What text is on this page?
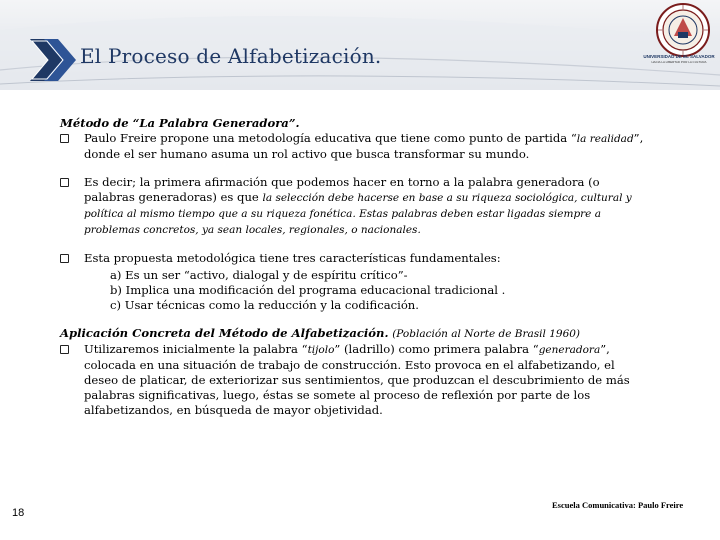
El Proceso de Alfabetización.	UNIVERSIDAD DE EL SALVADOR
HACIA LA LIBERTAD POR LA CULTURA

Método de “La Palabra Generadora”.

Paulo Freire propone una metodología educativa que tiene como punto de partida “la realidad”, donde el ser humano asuma un rol activo que busca transformar su mundo.
Es decir; la primera afirmación que podemos hacer en torno a la palabra generadora (o palabras generadoras) es que la selección debe hacerse en base a su riqueza sociológica, cultural y política al mismo tiempo que a su riqueza fonética. Estas palabras deben estar ligadas siempre a problemas concretos, ya sean locales, regionales, o nacionales.
Esta propuesta metodológica tiene tres características fundamentales:
a) Es un ser “activo, dialogal y de espíritu crítico”-
b) Implica una modificación del programa educacional tradicional .
c) Usar técnicas como la reducción y la codificación.

Aplicación Concreta del Método de Alfabetización. (Población al Norte de Brasil 1960)

Utilizaremos inicialmente la palabra “tijolo” (ladrillo) como primera palabra “generadora”, colocada en una situación de trabajo de construcción. Esto provoca en el alfabetizando, el deseo de platicar, de exteriorizar sus sentimientos, que produzcan el descubrimiento de más palabras significativas, luego, éstas se somete al proceso de reflexión por parte de los alfabetizandos, en búsqueda de mayor objetividad.
18
Escuela Comunicativa: Paulo Freire
